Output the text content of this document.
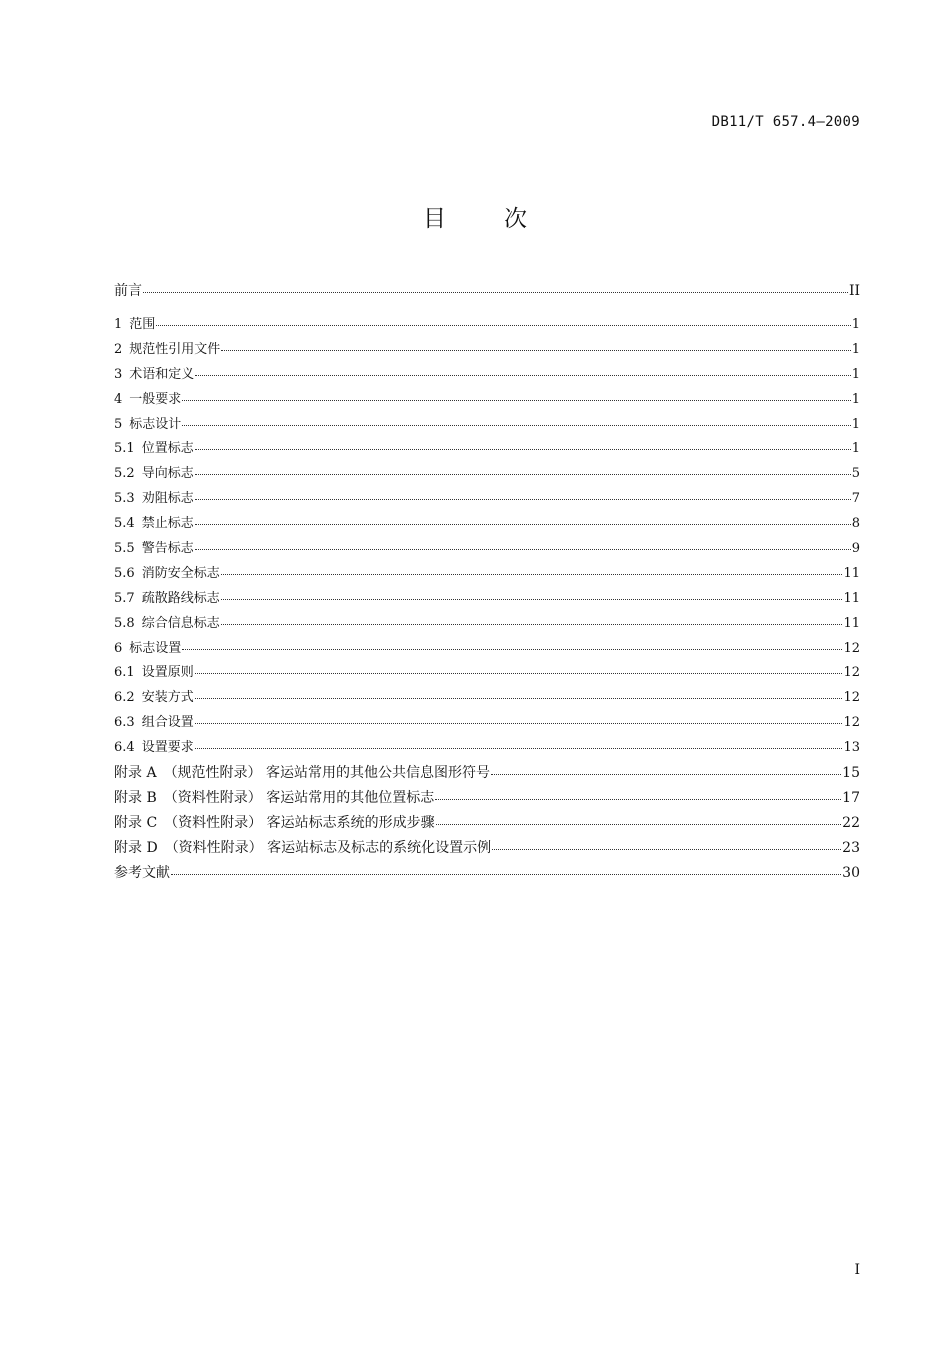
DB11/T 657.4—2009
目次
前言	II
1 范围	1
2 规范性引用文件	1
3 术语和定义	1
4 一般要求	1
5 标志设计	1
5.1 位置标志	1
5.2 导向标志	5
5.3 劝阻标志	7
5.4 禁止标志	8
5.5 警告标志	9
5.6 消防安全标志	11
5.7 疏散路线标志	11
5.8 综合信息标志	11
6 标志设置	12
6.1 设置原则	12
6.2 安装方式	12
6.3 组合设置	12
6.4 设置要求	13
附录 A （规范性附录） 客运站常用的其他公共信息图形符号	15
附录 B （资料性附录） 客运站常用的其他位置标志	17
附录 C （资料性附录） 客运站标志系统的形成步骤	22
附录 D （资料性附录） 客运站标志及标志的系统化设置示例	23
参考文献	30
I
